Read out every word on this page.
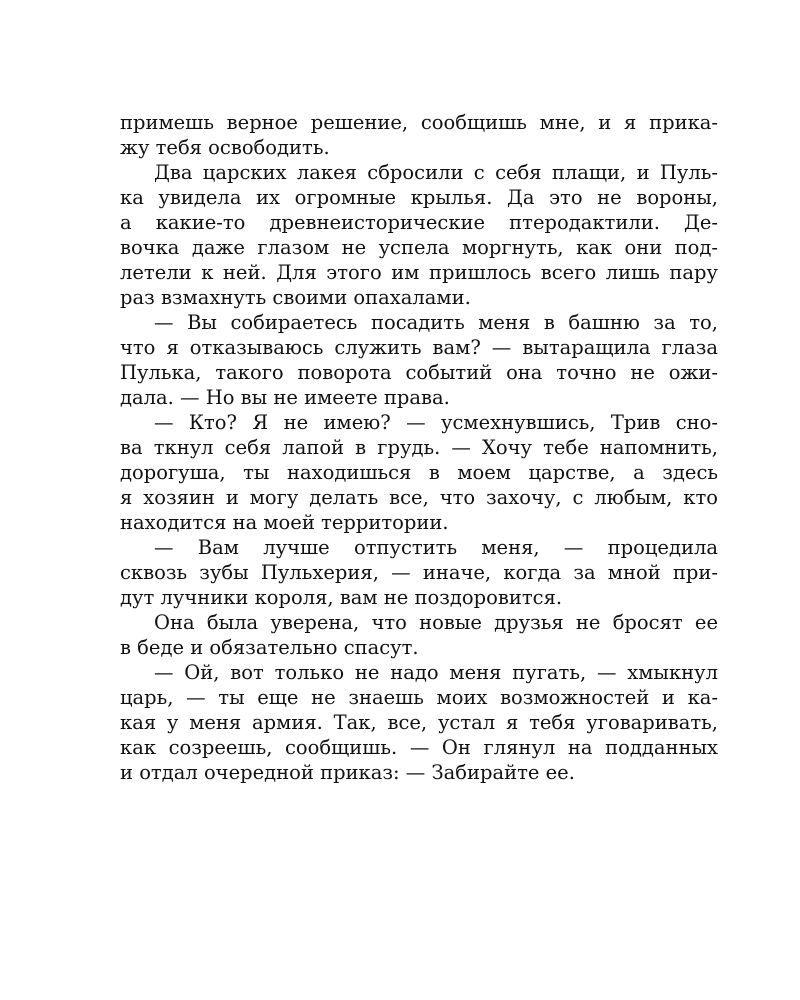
примешь верное решение, сообщишь мне, и я прика-
жу тебя освободить.
Два царских лакея сбросили с себя плащи, и Пуль-
ка увидела их огромные крылья. Да это не вороны,
а какие-то древнеисторические птеродактили. Де-
вочка даже глазом не успела моргнуть, как они под-
летели к ней. Для этого им пришлось всего лишь пару
раз взмахнуть своими опахалами.
— Вы собираетесь посадить меня в башню за то,
что я отказываюсь служить вам? — вытаращила глаза
Пулька, такого поворота событий она точно не ожи-
дала. — Но вы не имеете права.
— Кто? Я не имею? — усмехнувшись, Трив сно-
ва ткнул себя лапой в грудь. — Хочу тебе напомнить,
дорогуша, ты находишься в моем царстве, а здесь
я хозяин и могу делать все, что захочу, с любым, кто
находится на моей территории.
— Вам лучше отпустить меня, — процедила
сквозь зубы Пульхерия, — иначе, когда за мной при-
дут лучники короля, вам не поздоровится.
Она была уверена, что новые друзья не бросят ее
в беде и обязательно спасут.
— Ой, вот только не надо меня пугать, — хмыкнул
царь, — ты еще не знаешь моих возможностей и ка-
кая у меня армия. Так, все, устал я тебя уговаривать,
как созреешь, сообщишь. — Он глянул на подданных
и отдал очередной приказ: — Забирайте ее.
